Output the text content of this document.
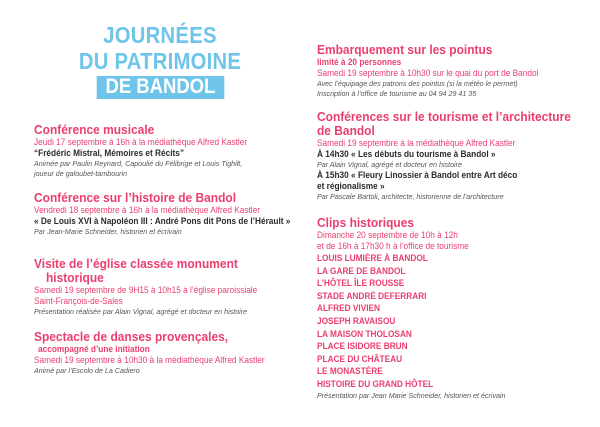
JOURNÉES
DU PATRIMOINE
DE BANDOL
Conférence musicale
Jeudi 17 septembre à 16h à la médiathèque Alfred Kastler
“Frédéric Mistral, Mémoires et Récits”
Animée par Paulin Reynard, Capoulié du Félibrige et Louis Tighilt, joueur de galoubet-tambourin
Conférence sur l’histoire de Bandol
Vendredi 18 septembre à 16h à la médiathèque Alfred Kastler
« De Louis XVI à Napoléon III : André Pons dit Pons de l’Hérault »
Par Jean-Marie Schneider, historien et écrivain
Visite de l’église classée monument
historique
Samedi 19 septembre de 9H15 à 10h15 à l’église paroissiale
Saint-François-de-Sales
Présentation réalisée par Alain Vignal, agrégé et docteur en histoire
Spectacle de danses provençales,
accompagné d’une initiation
Samedi 19 septembre à 10h30 à la médiathèque Alfred Kastler
Animé par l’Escolo de La Cadiero
Embarquement sur les pointus
limité à 20 personnes
Samedi 19 septembre à 10h30 sur le quai du port de Bandol
Avec l’équipage des patrons des pointus (si la météo le permet)
Inscription à l’office de tourisme au 04 94 29 41 35
Conférences sur le tourisme et l’architecture
de Bandol
Samedi 19 septembre à la médiathèque Alfred Kastler
À 14h30 « Les débuts du tourisme à Bandol »
Par Alain Vignal, agrégé et docteur en histoire
À 15h30 « Fleury Linossier à Bandol entre Art déco
et régionalisme »
Par Pascale Bartoli, architecte, historienne de l’architecture
Clips historiques
Dimanche 20 septembre de 10h à 12h
et de 16h à 17h30 h à l’office de tourisme
LOUIS LUMIÈRE À BANDOL
LA GARE DE BANDOL
L’HÔTEL ÎLE ROUSSE
STADE ANDRÉ DEFERRARI
ALFRED VIVIEN
JOSEPH RAVAISOU
LA MAISON THOLOSAN
PLACE ISIDORE BRUN
PLACE DU CHÂTEAU
LE MONASTÈRE
HISTOIRE DU GRAND HÔTEL
Présentation par Jean Marie Schneider, historien et écrivain
